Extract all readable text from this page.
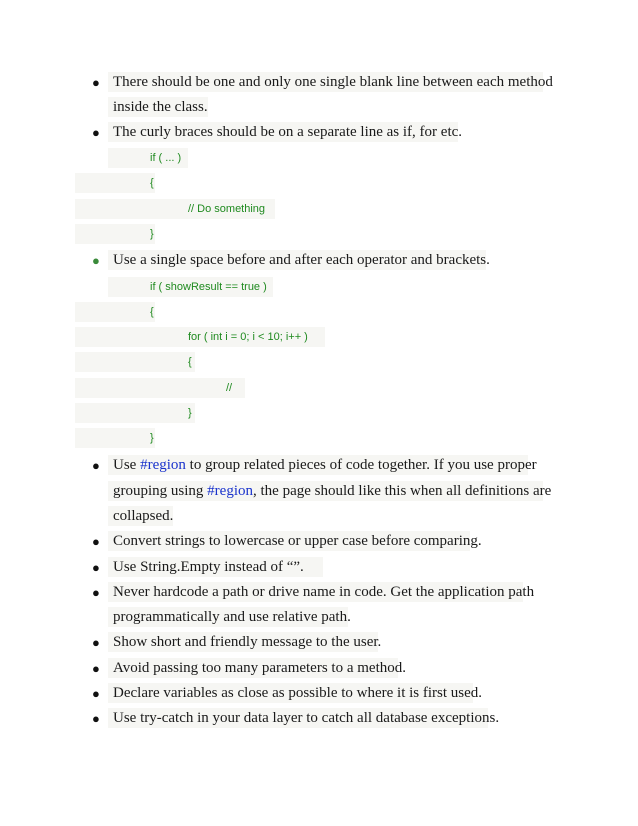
● There should be one and only one single blank line between each method
inside the class.
● The curly braces should be on a separate line as if, for etc.
if ( ... )
{
// Do something
}
● Use a single space before and after each operator and brackets.
if ( showResult == true )
{
for ( int i = 0; i < 10; i++ )
{
//
}
}
● Use #region to group related pieces of code together. If you use proper
grouping using #region, the page should like this when all definitions are
collapsed.
● Convert strings to lowercase or upper case before comparing.
● Use String.Empty instead of “”.
● Never hardcode a path or drive name in code. Get the application path
programmatically and use relative path.
● Show short and friendly message to the user.
● Avoid passing too many parameters to a method.
● Declare variables as close as possible to where it is first used.
● Use try-catch in your data layer to catch all database exceptions.
